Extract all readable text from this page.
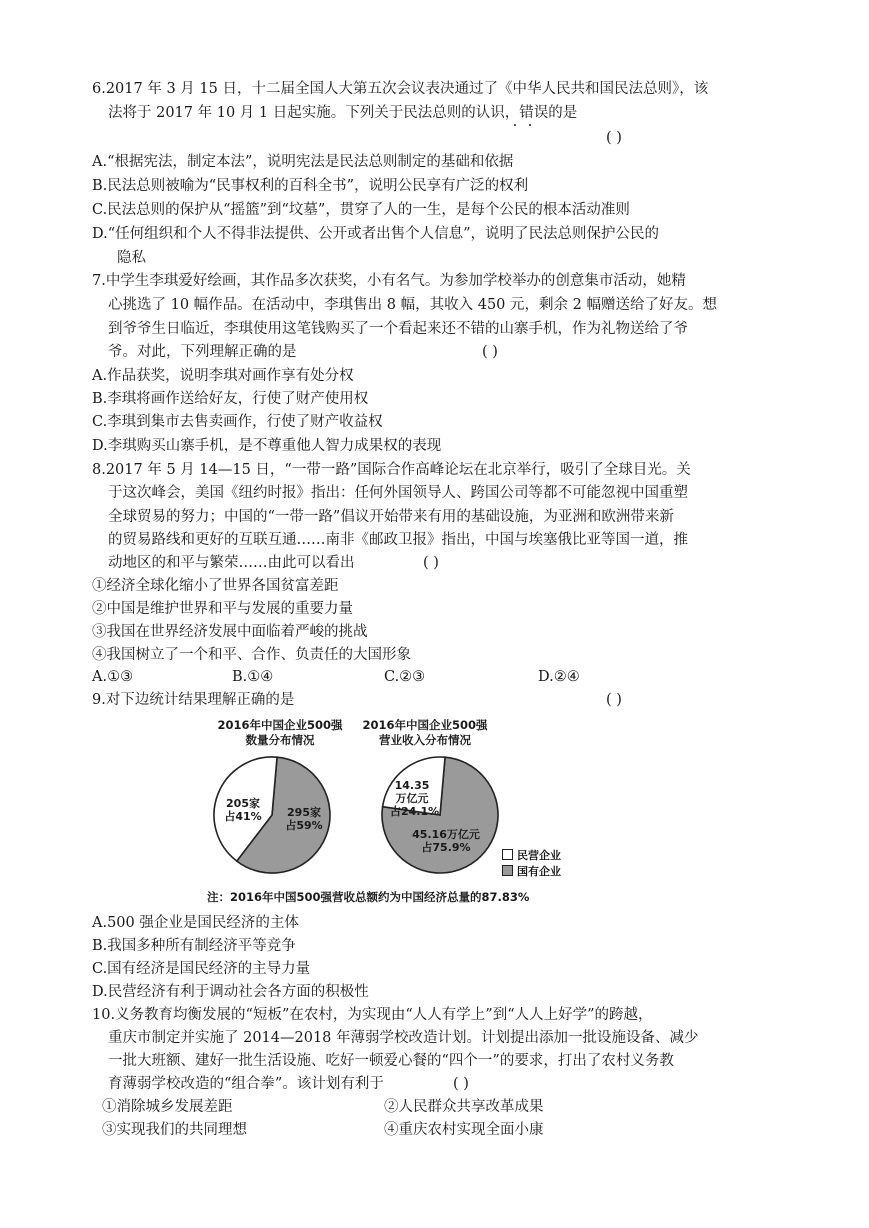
6.2017 年 3 月 15 日，十二届全国人大第五次会议表决通过了《中华人民共和国民法总则》，该
法将于 2017 年 10 月 1 日起实施。下列关于民法总则的认识，错误的是
( )
A.“根据宪法，制定本法”，说明宪法是民法总则制定的基础和依据
B.民法总则被喻为“民事权利的百科全书”，说明公民享有广泛的权利
C.民法总则的保护从“摇篮”到“坟墓”，贯穿了人的一生，是每个公民的根本活动准则
D.“任何组织和个人不得非法提供、公开或者出售个人信息”，说明了民法总则保护公民的
隐私
7.中学生李琪爱好绘画，其作品多次获奖，小有名气。为参加学校举办的创意集市活动，她精
心挑选了 10 幅作品。在活动中，李琪售出 8 幅，其收入 450 元，剩余 2 幅赠送给了好友。想
到爷爷生日临近，李琪使用这笔钱购买了一个看起来还不错的山寨手机，作为礼物送给了爷
爷。对此，下列理解正确的是	( )
A.作品获奖，说明李琪对画作享有处分权
B.李琪将画作送给好友，行使了财产使用权
C.李琪到集市去售卖画作，行使了财产收益权
D.李琪购买山寨手机，是不尊重他人智力成果权的表现
8.2017 年 5 月 14—15 日，“一带一路”国际合作高峰论坛在北京举行，吸引了全球目光。关
于这次峰会，美国《纽约时报》指出：任何外国领导人、跨国公司等都不可能忽视中国重塑
全球贸易的努力；中国的“一带一路”倡议开始带来有用的基础设施，为亚洲和欧洲带来新
的贸易路线和更好的互联互通……南非《邮政卫报》指出，中国与埃塞俄比亚等国一道，推
动地区的和平与繁荣……由此可以看出	( )
①经济全球化缩小了世界各国贫富差距
②中国是维护世界和平与发展的重要力量
③我国在世界经济发展中面临着严峻的挑战
④我国树立了一个和平、合作、负责任的大国形象
A.①③	B.①④	C.②③	D.②④
9.对下边统计结果理解正确的是	( )
2016年中国企业500强
数量分布情况
2016年中国企业500强
营业收入分布情况
205家
占41% 295家
占59%
14.35
万亿元
占24.1%
45.16万亿元
占75.9%
民营企业
国有企业
注：2016年中国500强营收总额约为中国经济总量的87.83%
A.500 强企业是国民经济的主体
B.我国多种所有制经济平等竞争
C.国有经济是国民经济的主导力量
D.民营经济有利于调动社会各方面的积极性
10.义务教育均衡发展的“短板”在农村，为实现由“人人有学上”到“人人上好学”的跨越，
重庆市制定并实施了 2014—2018 年薄弱学校改造计划。计划提出添加一批设施设备、减少
一批大班额、建好一批生活设施、吃好一顿爱心餐的“四个一”的要求，打出了农村义务教
育薄弱学校改造的“组合拳”。该计划有利于	( )
①消除城乡发展差距	②人民群众共享改革成果
③实现我们的共同理想	④重庆农村实现全面小康
